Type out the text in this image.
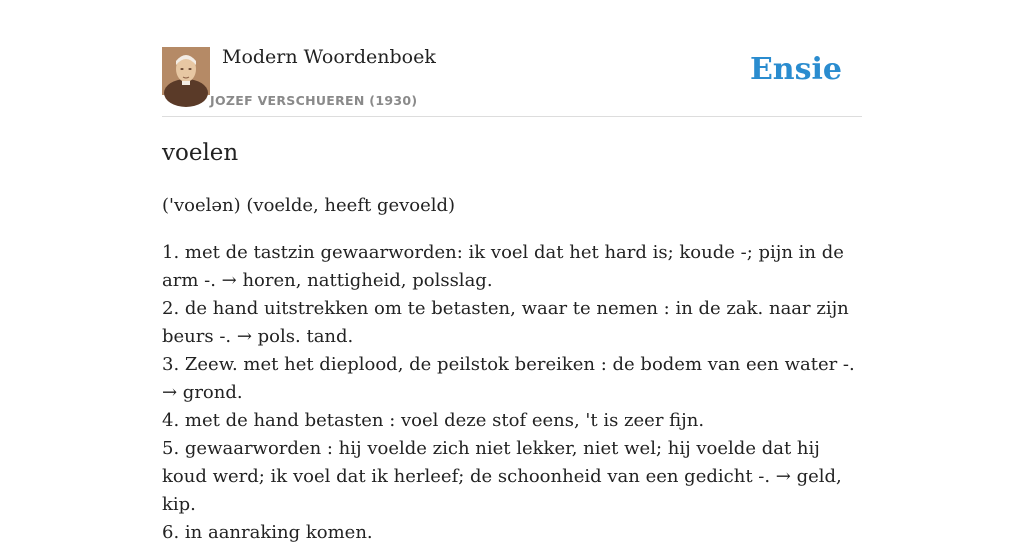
Modern Woordenboek
JOZEF VERSCHUEREN (1930)
Ensie
voelen
('voelən) (voelde, heeft gevoeld)
1. met de tastzin gewaarworden: ik voel dat het hard is; koude -; pijn in de arm -. → horen, nattigheid, polsslag.
2. de hand uitstrekken om te betasten, waar te nemen : in de zak. naar zijn beurs -. → pols. tand.
3. Zeew. met het dieplood, de peilstok bereiken : de bodem van een water -. → grond.
4. met de hand betasten : voel deze stof eens, 't is zeer fijn.
5. gewaarworden : hij voelde zich niet lekker, niet wel; hij voelde dat hij koud werd; ik voel dat ik herleef; de schoonheid van een gedicht -. → geld, kip.
6. in aanraking komen.
